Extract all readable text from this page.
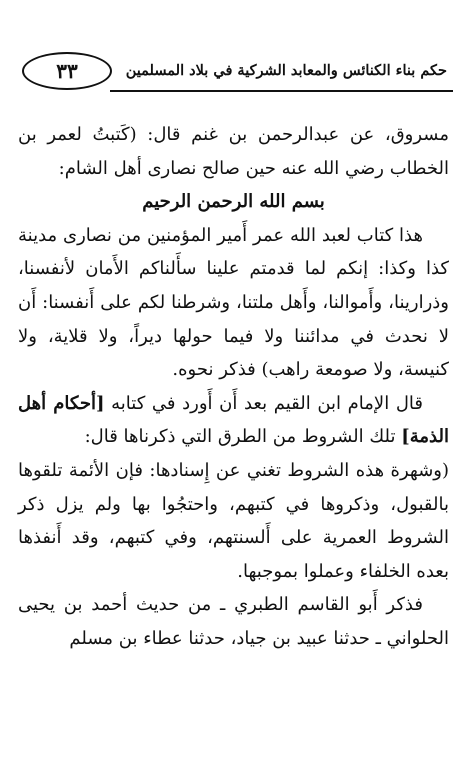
٣٣	حكم بناء الكنائس والمعابد الشركية في بلاد المسلمين

مسروق، عن عبدالرحمن بن غنم قال: (كَتبتُ لعمر بن الخطاب رضي الله عنه حين صالح نصارى أهل الشام:

بسم الله الرحمن الرحيم

هذا كتاب لعبد الله عمر أَمير المؤمنين من نصارى مدينة كذا وكذا: إنكم لما قدمتم علينا سأَلناكم الأَمان لأنفسنا، وذرارينا، وأَموالنا، وأَهل ملتنا، وشرطنا لكم على أَنفسنا: أَن لا نحدث في مدائننا ولا فيما حولها ديراً، ولا قلاية، ولا كنيسة، ولا صومعة راهب) فذكر نحوه.

قال الإمام ابن القيم بعد أَن أَورد في كتابه [أحكام أهل الذمة] تلك الشروط من الطرق التي ذكرناها قال:

(وشهرة هذه الشروط تغني عن إِسنادها: فإن الأئمة تلقوها بالقبول، وذكروها في كتبهم، واحتجُوا بها ولم يزل ذكر الشروط العمرية على أَلسنتهم، وفي كتبهم، وقد أَنفذها بعده الخلفاء وعملوا بموجبها.

فذكر أَبو القاسم الطبري ـ من حديث أحمد بن يحيى الحلواني ـ حدثنا عبيد بن جياد، حدثنا عطاء بن مسلم
